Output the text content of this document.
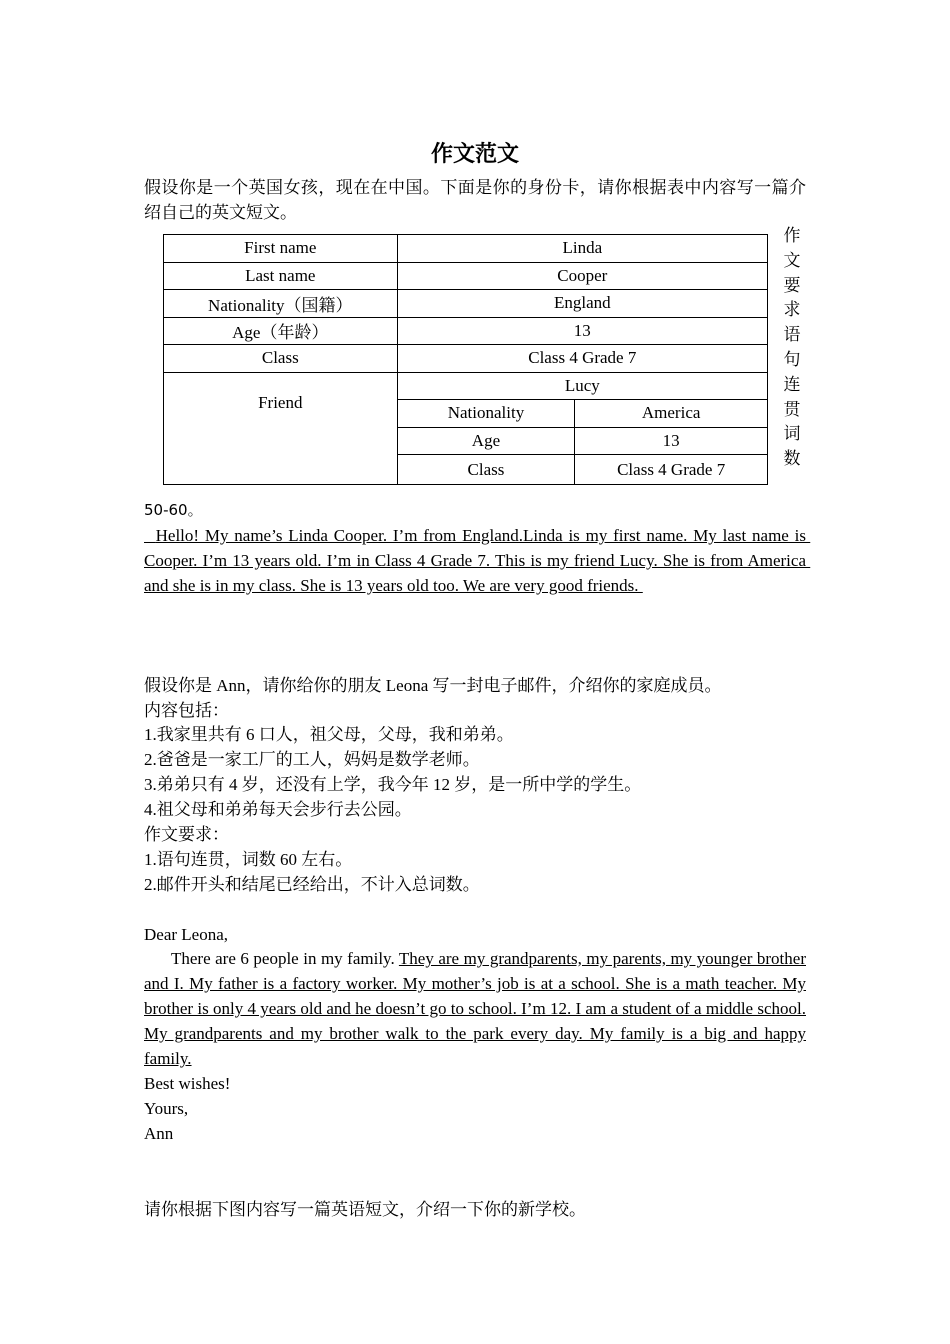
作文范文
假设你是一个英国女孩，现在在中国。下面是你的身份卡，请你根据表中内容写一篇介绍自己的英文短文。
First name	Linda	
Last name	Cooper	
Nationality（国籍）	England	
Age（年龄）	13	
Class	Class 4 Grade 7	
Friend	Lucy	
	Nationality	America
	Age	13
	Class	Class 4 Grade 7
作
文
要
求
语
句
连
贯
词
数
50-60。
Hello! My name’s Linda Cooper. I’m from England.Linda is my first name. My last name is Cooper. I’m 13 years old. I’m in Class 4 Grade 7. This is my friend Lucy. She is from America and she is in my class. She is 13 years old too. We are very good friends.
假设你是 Ann，请你给你的朋友 Leona 写一封电子邮件，介绍你的家庭成员。
内容包括：
1.我家里共有 6 口人，祖父母，父母，我和弟弟。
2.爸爸是一家工厂的工人，妈妈是数学老师。
3.弟弟只有 4 岁，还没有上学，我今年 12 岁，是一所中学的学生。
4.祖父母和弟弟每天会步行去公园。
作文要求：
1.语句连贯，词数 60 左右。
2.邮件开头和结尾已经给出，不计入总词数。
Dear Leona,
There are 6 people in my family. They are my grandparents, my parents, my younger brother and I. My father is a factory worker. My mother’s job is at a school. She is a math teacher. My brother is only 4 years old and he doesn’t go to school. I’m 12. I am a student of a middle school. My grandparents and my brother walk to the park every day. My family is a big and happy family.
Best wishes!
Yours,
Ann
请你根据下图内容写一篇英语短文，介绍一下你的新学校。
